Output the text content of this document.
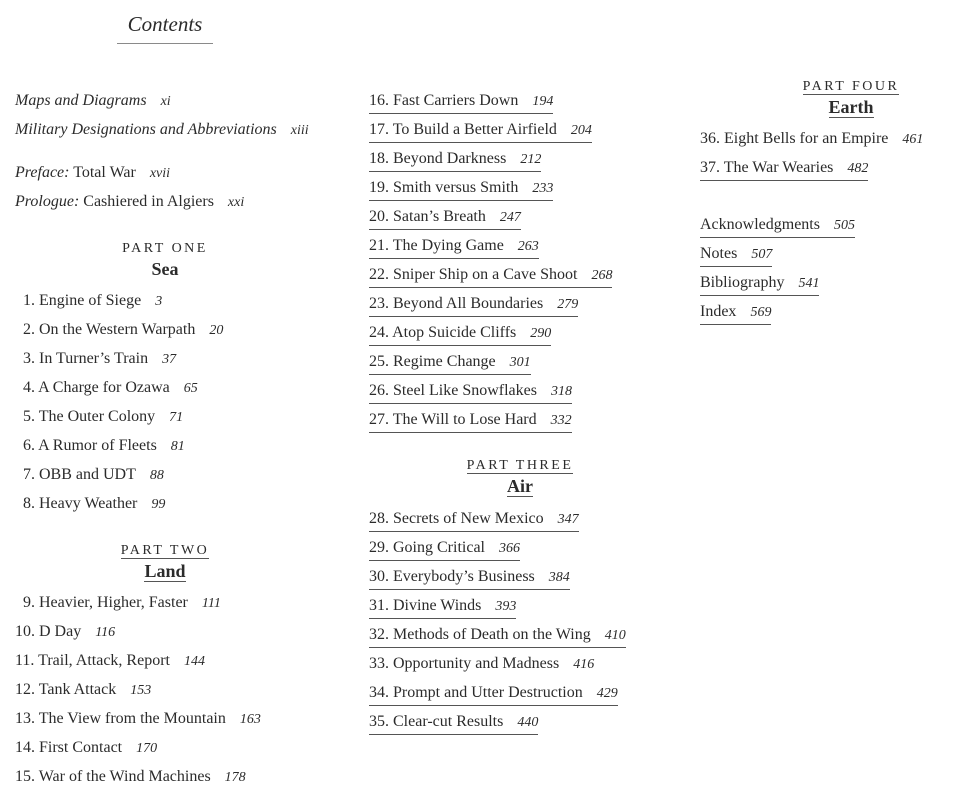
Contents
Maps and Diagrams xi
Military Designations and Abbreviations xiii
Preface: Total War xvii
Prologue: Cashiered in Algiers xxi
PART ONE
Sea
1. Engine of Siege 3
2. On the Western Warpath 20
3. In Turner’s Train 37
4. A Charge for Ozawa 65
5. The Outer Colony 71
6. A Rumor of Fleets 81
7. OBB and UDT 88
8. Heavy Weather 99
PART TWO
Land
9. Heavier, Higher, Faster 111
10. D Day 116
11. Trail, Attack, Report 144
12. Tank Attack 153
13. The View from the Mountain 163
14. First Contact 170
15. War of the Wind Machines 178
16. Fast Carriers Down 194
17. To Build a Better Airfield 204
18. Beyond Darkness 212
19. Smith versus Smith 233
20. Satan’s Breath 247
21. The Dying Game 263
22. Sniper Ship on a Cave Shoot 268
23. Beyond All Boundaries 279
24. Atop Suicide Cliffs 290
25. Regime Change 301
26. Steel Like Snowflakes 318
27. The Will to Lose Hard 332
PART THREE
Air
28. Secrets of New Mexico 347
29. Going Critical 366
30. Everybody’s Business 384
31. Divine Winds 393
32. Methods of Death on the Wing 410
33. Opportunity and Madness 416
34. Prompt and Utter Destruction 429
35. Clear-cut Results 440
PART FOUR
Earth
36. Eight Bells for an Empire 461
37. The War Wearies 482
Acknowledgments 505
Notes 507
Bibliography 541
Index 569
